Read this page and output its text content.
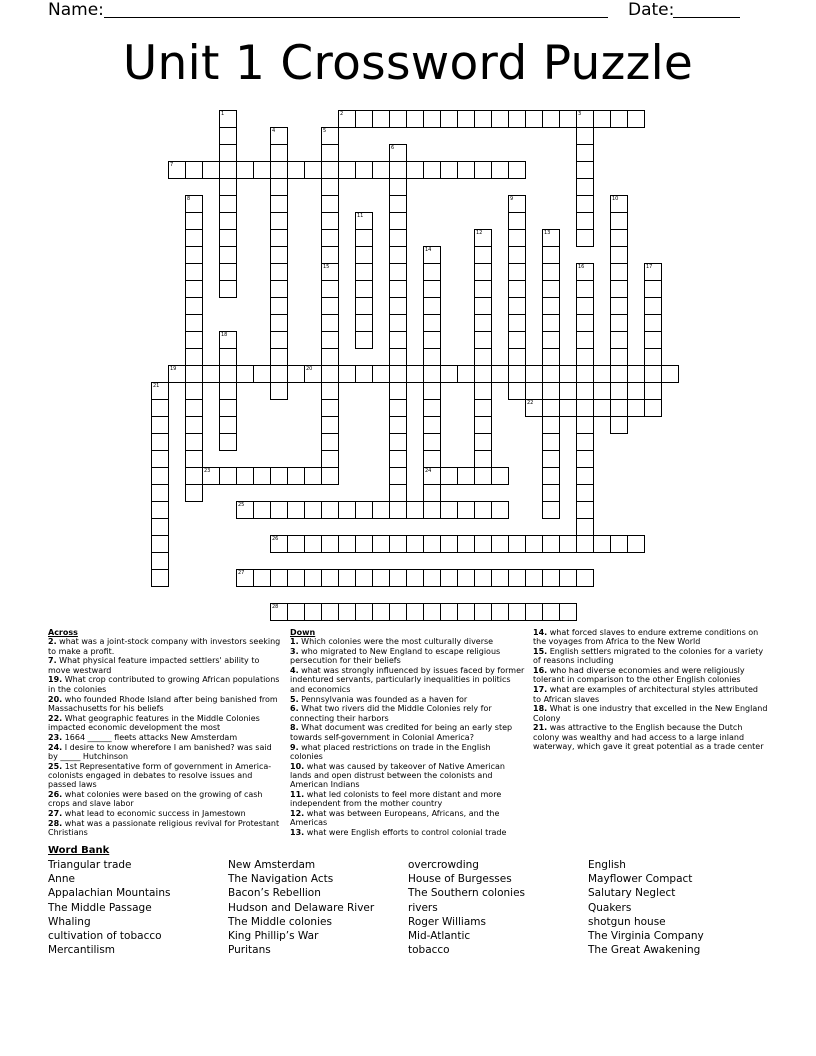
Name:	Date:
Unit 1 Crossword Puzzle
1	2	3
4	5
15
6
7
8	9	10
11
12	13
14
24
16	17
18
19	20
21
22
23
25
26
27
28
Across
2. what was a joint-stock company with investors seeking to make a profit.
7. What physical feature impacted settlers' ability to move westward
19. What crop contributed to growing African populations in the colonies
20. who founded Rhode Island after being banished from Massachusetts for his beliefs
22. What geographic features in the Middle Colonies impacted economic development the most
23. 1664 ______ fleets attacks New Amsterdam
24. I desire to know wherefore I am banished? was said by _____ Hutchinson
25. 1st Representative form of government in America- colonists engaged in debates to resolve issues and passed laws
26. what colonies were based on the growing of cash crops and slave labor
27. what lead to economic success in Jamestown
28. what was a passionate religious revival for Protestant Christians
Down
1. Which colonies were the most culturally diverse
3. who migrated to New England to escape religious persecution for their beliefs
4. what was strongly influenced by issues faced by former indentured servants, particularly inequalities in politics and economics
5. Pennsylvania was founded as a haven for
6. What two rivers did the Middle Colonies rely for connecting their harbors
8. What document was credited for being an early step towards self-government in Colonial America?
9. what placed restrictions on trade in the English colonies
10. what was caused by takeover of Native American lands and open distrust between the colonists and American Indians
11. what led colonists to feel more distant and more independent from the mother country
12. what was between Europeans, Africans, and the Americas
13. what were English efforts to control colonial trade
14. what forced slaves to endure extreme conditions on the voyages from Africa to the New World
15. English settlers migrated to the colonies for a variety of reasons including
16. who had diverse economies and were religiously tolerant in comparison to the other English colonies
17. what are examples of architectural styles attributed to African slaves
18. What is one industry that excelled in the New England Colony
21. was attractive to the English because the Dutch colony was wealthy and had access to a large inland waterway, which gave it great potential as a trade center
Word Bank
Triangular trade
Anne
Appalachian Mountains
The Middle Passage
Whaling
cultivation of tobacco
Mercantilism
New Amsterdam
The Navigation Acts
Bacon’s Rebellion
Hudson and Delaware River
The Middle colonies
King Phillip’s War
Puritans
overcrowding
House of Burgesses
The Southern colonies
rivers
Roger Williams
Mid-Atlantic
tobacco
English
Mayflower Compact
Salutary Neglect
Quakers
shotgun house
The Virginia Company
The Great Awakening
